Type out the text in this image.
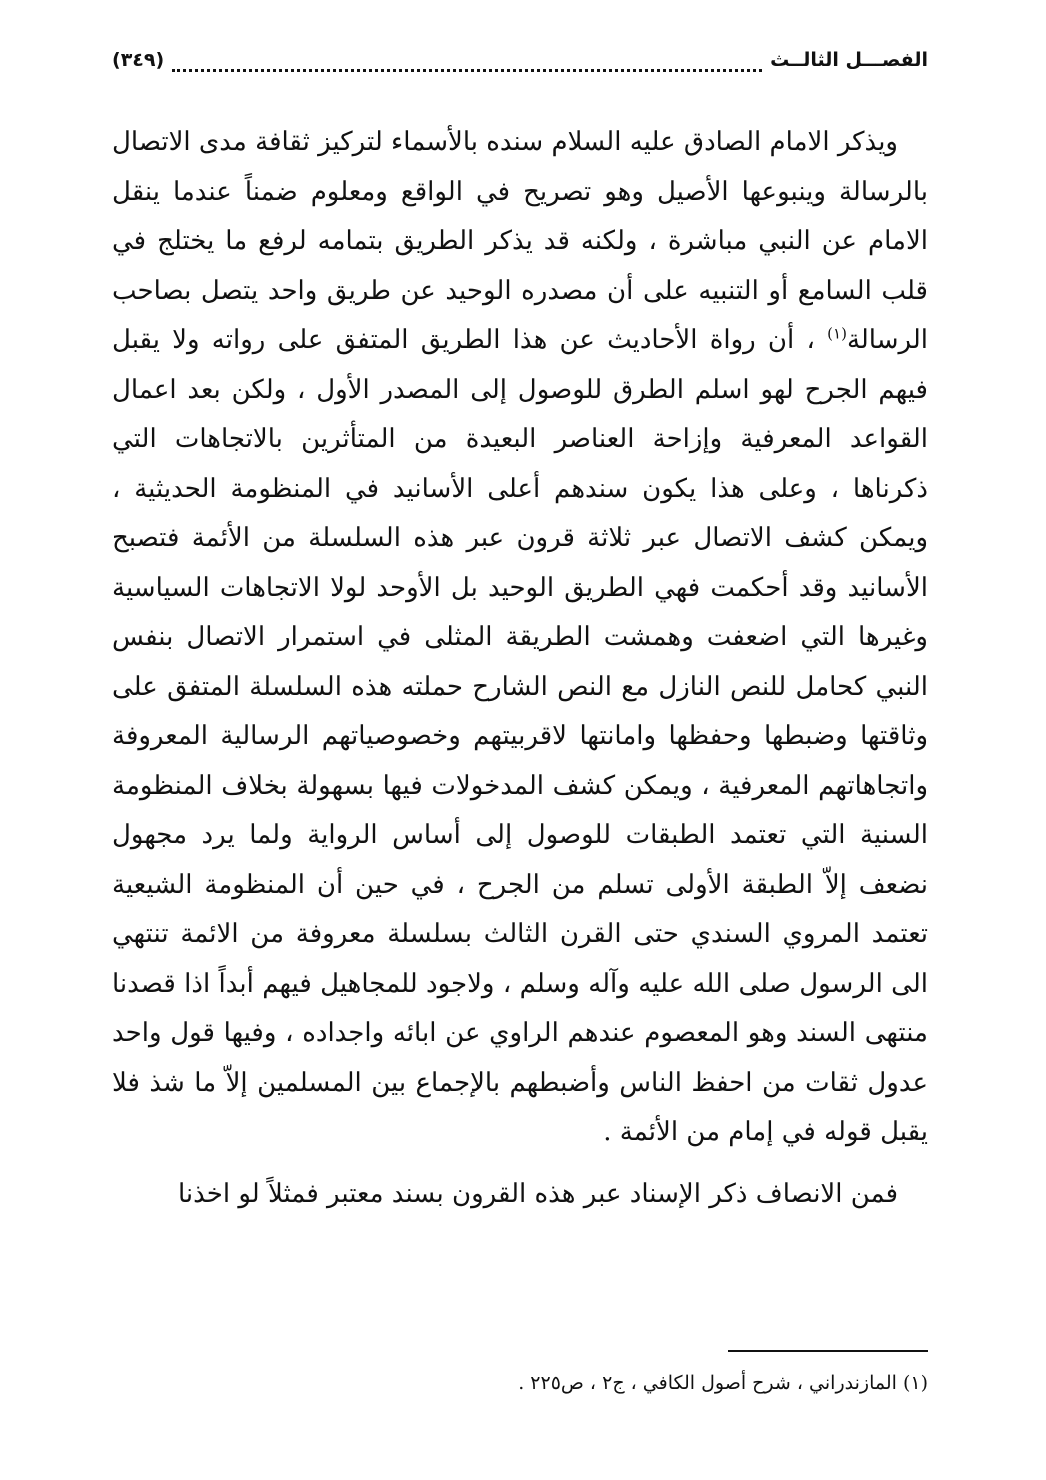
الفصـــل الثالــث
(٣٤٩)

ويذكر الامام الصادق عليه السلام سنده بالأسماء لتركيز ثقافة مدى الاتصال بالرسالة وينبوعها الأصيل وهو تصريح في الواقع ومعلوم ضمناً عندما ينقل الامام عن النبي مباشرة ، ولكنه قد يذكر الطريق بتمامه لرفع ما يختلج في قلب السامع أو التنبيه على أن مصدره الوحيد عن طريق واحد يتصل بصاحب الرسالة$^{(١)}$ ، أن رواة الأحاديث عن هذا الطريق المتفق على رواته ولا يقبل فيهم الجرح لهو اسلم الطرق للوصول إلى المصدر الأول ، ولكن بعد اعمال القواعد المعرفية وإزاحة العناصر البعيدة من المتأثرين بالاتجاهات التي ذكرناها ، وعلى هذا يكون سندهم أعلى الأسانيد في المنظومة الحديثية ، ويمكن كشف الاتصال عبر ثلاثة قرون عبر هذه السلسلة من الأئمة فتصبح الأسانيد وقد أحكمت فهي الطريق الوحيد بل الأوحد لولا الاتجاهات السياسية وغيرها التي اضعفت وهمشت الطريقة المثلى في استمرار الاتصال بنفس النبي كحامل للنص النازل مع النص الشارح حملته هذه السلسلة المتفق على وثاقتها وضبطها وحفظها وامانتها لاقربيتهم وخصوصياتهم الرسالية المعروفة واتجاهاتهم المعرفية ، ويمكن كشف المدخولات فيها بسهولة بخلاف المنظومة السنية التي تعتمد الطبقات للوصول إلى أساس الرواية ولما يرد مجهول نضعف إلاّ الطبقة الأولى تسلم من الجرح ، في حين أن المنظومة الشيعية تعتمد المروي السندي حتى القرن الثالث بسلسلة معروفة من الائمة تنتهي الى الرسول صلى الله عليه وآله وسلم ، ولاجود للمجاهيل فيهم أبداً اذا قصدنا منتهى السند وهو المعصوم عندهم الراوي عن ابائه واجداده ، وفيها قول واحد عدول ثقات من احفظ الناس وأضبطهم بالإجماع بين المسلمين إلاّ ما شذ فلا يقبل قوله في إمام من الأئمة .

فمن الانصاف ذكر الإسناد عبر هذه القرون بسند معتبر فمثلاً لو اخذنا

(١) المازندراني ، شرح أصول الكافي ، ج٢ ، ص٢٢٥ .
